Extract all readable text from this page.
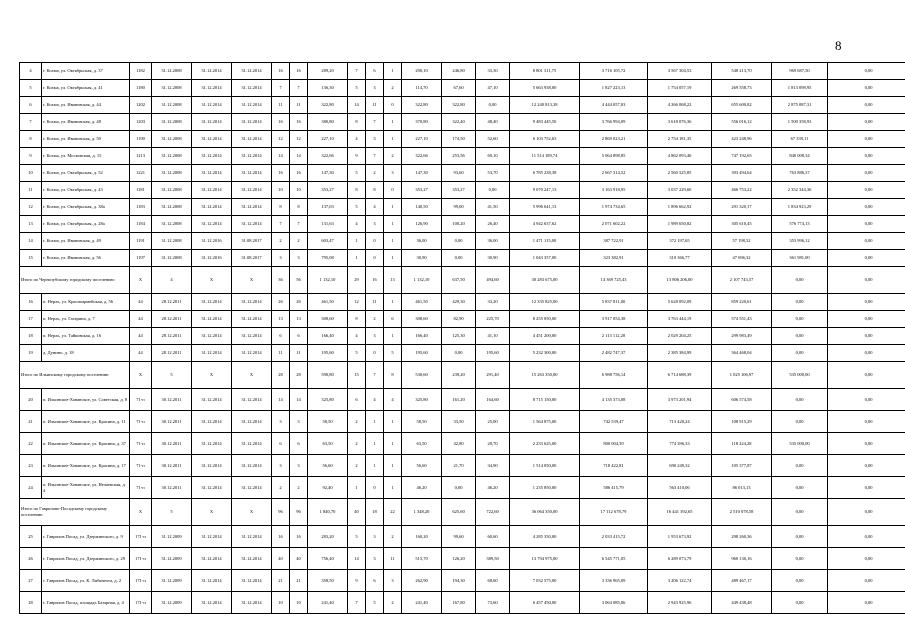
8
4	г. Кохма, ул. Октябрьская, д. 37	1182	31.12.2008	31.12.2014	31.12.2014	16	16	289,20	7	6	1	290,10	246,80	33,30	8 801 311,75	3 716 105,72	3 567 304,53	548 213,70	969 687,50	0,00
5	г. Кохма, ул. Октябрьская, д. 41	1180	31.12.2008	31.12.2014	31.12.2014	7	7	136,30	5	3	2	114,70	67,60	47,10	5 663 938,00	1 827 223,13	1 754 057,19	269 558,73	1 813 098,95	0,00
6	г. Кохма, ул. Ивановская, д. 44	1202	31.12.2008	31.12.2014	31.12.2014	11	11	322,80	14	11	0	322,80	322,80	0,00	12 240 813,38	4 444 057,03	4 266 068,22	655 600,82	2 875 087,31	0,00
7	г. Кохма, ул. Ивановская, д. 48	1203	31.12.2008	31.12.2014	31.12.2014	16	16	380,80	8	7	1	370,80	322,40	48,40	9 483 445,50	3 766 994,09	3 618 076,36	556 016,12	1 500 358,93	0,00
8	г. Кохма, ул. Ивановская, д. 50	1190	31.12.2008	31.12.2014	31.12.2014	12	12	227,10	4	3	1	227,10	174,50	52,60	6 103 752,63	2 869 023,21	2 754 181,35	423 248,96	67 339,11	0,00
9	г. Кохма, ул. Московская, д. 15	1213	31.12.2008	31.12.2014	31.12.2014	14	14	322,66	9	7	2	322,66	253,56	69,10	11 514 189,74	5 064 898,85	4 862 093,46	747 192,65	840 008,34	0,00
10	г. Кохма, ул. Октябрьская, д. 52	1221	31.12.2008	31.12.2014	31.12.2014	16	16	147,30	5	2	3	147,30	93,60	53,70	6 785 238,38	2 667 314,52	2 560 525,85	393 494,64	763 886,37	0,00
11	г. Кохма, ул. Октябрьская, д. 43	1181	31.12.2008	31.12.2014	31.12.2014	10	10	353,27	8	8	0	353,27	353,27	0,00	9 070 247,13	3 163 918,95	3 037 229,60	466 753,22	2 352 344,36	0,00
12	г. Кохма, ул. Октябрьская, д. 38а	1183	31.12.2008	31.12.2014	31.12.2014	8	8	137,03	5	4	1	140,50	99,00	41,50	5 996 641,13	1 974 734,65	1 896 662,92	291 320,17	1 834 923,29	0,00
13	г. Кохма, ул. Октябрьская, д. 28а	1184	31.12.2008	31.12.2014	31.12.2014	7	7	131,63	4	3	1	126,90	100,20	26,40	4 942 637,62	2 071 602,22	1 989 650,82	305 610,45	576 774,13	0,00
14	г. Кохма, ул. Ивановская, д. 49	1191	31.12.2008	31.12.2016	31.08.2017	2	2	603,47	1	0	1	36,00	0,00	36,00	1 471 115,00	387 722,91	372 197,65	57 198,32	353 996,12	0,00
15	г. Кохма, ул. Ивановская, д. 56	1197	31.12.2008	31.12.2016	31.08.2017	3	3	795,08	1	0	1	30,90	0,00	30,90	1 043 357,00	323 382,91	310 366,77	47 696,32	361 981,00	0,00
Итого по Чернозубскому городскому поселению:		Х	4	Х	Х	36	56	1 132,10	29	16	13	1 132,10	637,50	494,60	30 283 675,00	14 369 725,43	13 806 206,00	2 107 743,57	0,00	0,00
16	п. Нерль, ул. Красноармейская, д. 56	44	28.12.2011	31.12.2014	31.12.2014	26	26	461,50	12	11	1	461,50	429,30	33,20	12 335 825,00	5 837 811,00	5 628 092,09	859 220,61	0,00	0,00
17	п. Нерль, ул. Гагарина, д. 7	44	28.12.2011	31.12.2014	31.12.2014	13	13	308,60	8	2	6	308,60	82,90	225,70	8 255 050,00	3 917 054,38	3 763 444,19	574 551,43	0,00	0,00
18	п. Нерль, ул. Тайковская, д. 16	44	28.12.2011	31.12.2014	31.12.2014	6	6	166,40	4	3	1	166,40	125,30	41,10	4 451 200,00	2 113 112,28	2 029 204,25	299 983,49	0,00	0,00
19	д. Дунино, д. 18	44	28.12.2011	31.12.2014	31.12.2014	11	11	195,60	5	0	5	195,60	0,00	195,60	5 232 300,00	2 482 747,37	2 385 384,99	364 468,04	0,00	0,00
Итого по Ильинскому городскому поселению:		Х	5	Х	Х	28	28	590,80	15	7	8	530,60	239,20	291,40	15 263 350,00	6 988 756,14	6 714 688,39	1 025 106,97	535 000,00	0,00
20	п. Ильинское-Хованское, ул. Советская, д. 8	71-п	30.12.2011	31.12.2014	31.12.2014	14	14	325,80	6	4	4	325,80	161,20	164,60	8 715 150,00	4 135 373,08	3 973 201,94	606 574,58	0,00	0,00
21	п. Ильинское-Хованское, ул. Красина, д. 11	71-п	30.12.2011	31.12.2014	31.12.2014	3	3	58,50	2	1	1	58,50	33,50	25,00	1 564 875,00	742 539,47	713 420,24	108 915,29	0,00	0,00
22	п. Ильинское-Хованское, ул. Красина, д. 37	71-п	30.12.2011	31.12.2014	31.12.2014	6	6	63,50	2	1	1	63,50	42,80	20,70	2 233 625,00	800 004,39	774 396,33	118 224,28	535 000,00	0,00
23	п. Ильинское-Хованское, ул. Красина, д. 17	71-п	30.12.2011	31.12.2014	31.12.2014	3	3	56,60	2	1	1	56,60	21,70	34,90	1 514 050,00	718 422,81	690 249,32	105 377,87	0,00	0,00
24	п. Ильинское-Хованское, ул. Нечаевская, д. 4	71-п	30.12.2011	31.12.2014	31.12.2014	2	2	92,40	1	0	1	46,20	0,00	46,20	1 235 850,00	586 415,79	563 410,06	86 013,13	0,00	0,00
Итого по Гаврилово-Посадскому городскому поселению:		Х	5	Х	Х	96	96	1 840,70	40	18	22	1 348,20	625,60	722,60	36 064 350,00	17 112 678,79	16 441 392,65	2 510 078,58	0,00	0,00
25	г. Гаврилов Посад, ул. Дзержинского, д. 9	171-п	31.12.2009	31.12.2014	31.12.2014	16	16	283,20	5	3	2	160,20	99,60	60,60	4 285 350,00	2 033 415,72	1 953 673,92	298 260,36	0,00	0,00
26	г. Гаврилов Посад, ул. Дзержинского, д. 29	171-п	31.12.2009	31.12.2014	31.12.2014	40	40	756,40	14	3	11	515,70	126,20	389,50	13 794 975,00	6 545 771,05	6 289 073,79	960 130,16	0,00	0,00
27	г. Гаврилов Посад, ул. К. Либкнехта, д. 2	171-п	31.12.2009	31.12.2014	31.12.2014	21	21	358,50	9	6	3	262,90	194,30	68,60	7 032 575,00	3 336 965,09	3 206 122,74	489 467,17	0,00	0,00
28	г. Гаврилов Посад, площадь Базарная, д. 4	171-п	31.12.2009	31.12.2014	31.12.2014	10	10	241,40	7	5	2	241,40	167,80	73,60	6 457 450,00	3 064 085,06	2 943 925,96	449 438,48	0,00	0,00
